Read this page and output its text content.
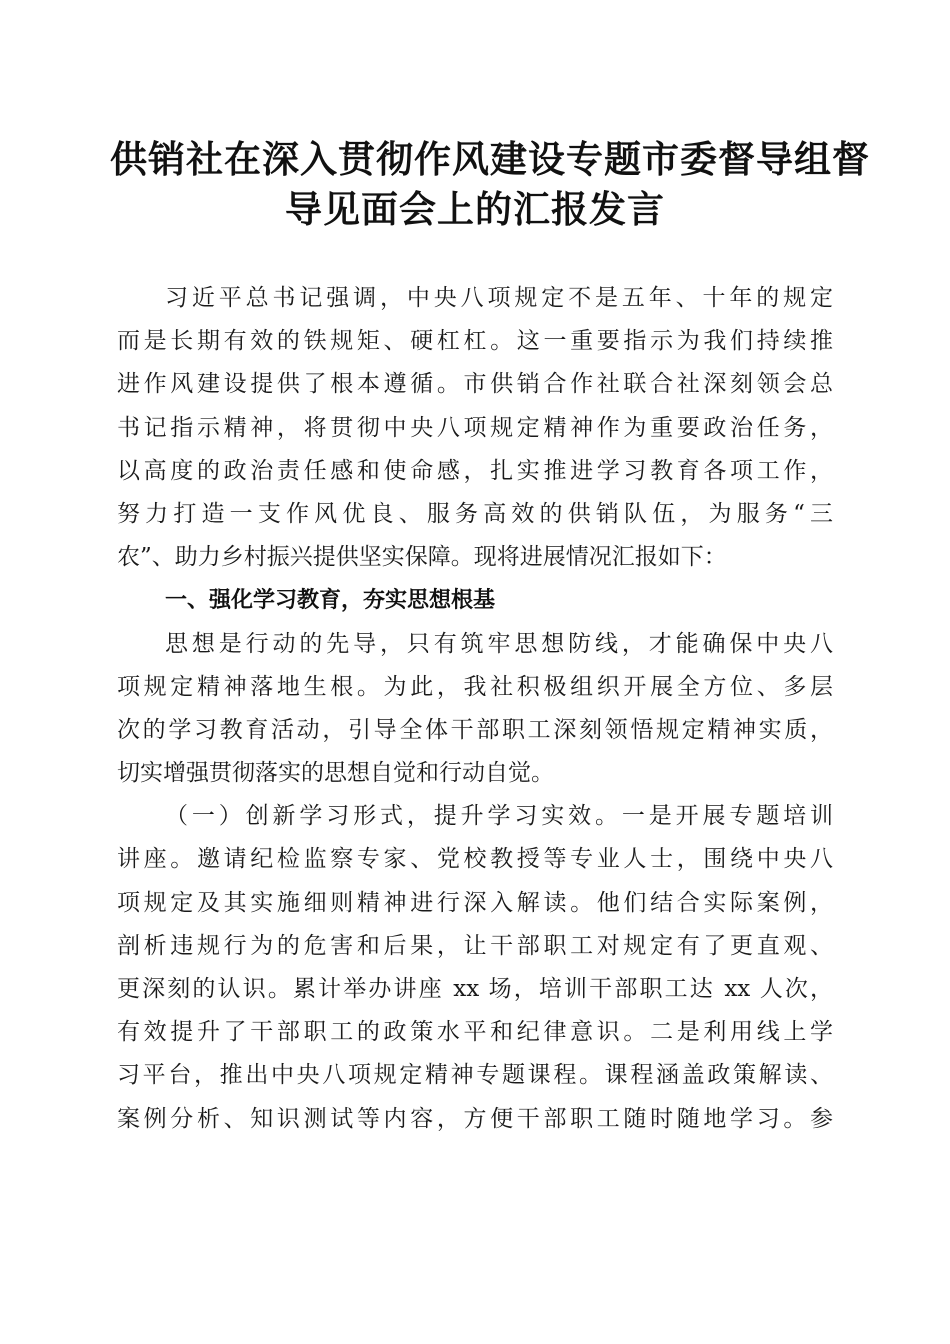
供销社在深入贯彻作风建设专题市委督导组督
导见面会上的汇报发言

习近平总书记强调，中央八项规定不是五年、十年的规定
而是长期有效的铁规矩、硬杠杠。这一重要指示为我们持续推
进作风建设提供了根本遵循。市供销合作社联合社深刻领会总
书记指示精神，将贯彻中央八项规定精神作为重要政治任务，
以高度的政治责任感和使命感，扎实推进学习教育各项工作，
努力打造一支作风优良、服务高效的供销队伍，为服务“三
农”、助力乡村振兴提供坚实保障。现将进展情况汇报如下：

一、强化学习教育，夯实思想根基

思想是行动的先导，只有筑牢思想防线，才能确保中央八
项规定精神落地生根。为此，我社积极组织开展全方位、多层
次的学习教育活动，引导全体干部职工深刻领悟规定精神实质，
切实增强贯彻落实的思想自觉和行动自觉。

（一）创新学习形式，提升学习实效。一是开展专题培训
讲座。邀请纪检监察专家、党校教授等专业人士，围绕中央八
项规定及其实施细则精神进行深入解读。他们结合实际案例，
剖析违规行为的危害和后果，让干部职工对规定有了更直观、
更深刻的认识。累计举办讲座 xx 场，培训干部职工达 xx 人次，
有效提升了干部职工的政策水平和纪律意识。二是利用线上学
习平台，推出中央八项规定精神专题课程。课程涵盖政策解读、
案例分析、知识测试等内容，方便干部职工随时随地学习。参
